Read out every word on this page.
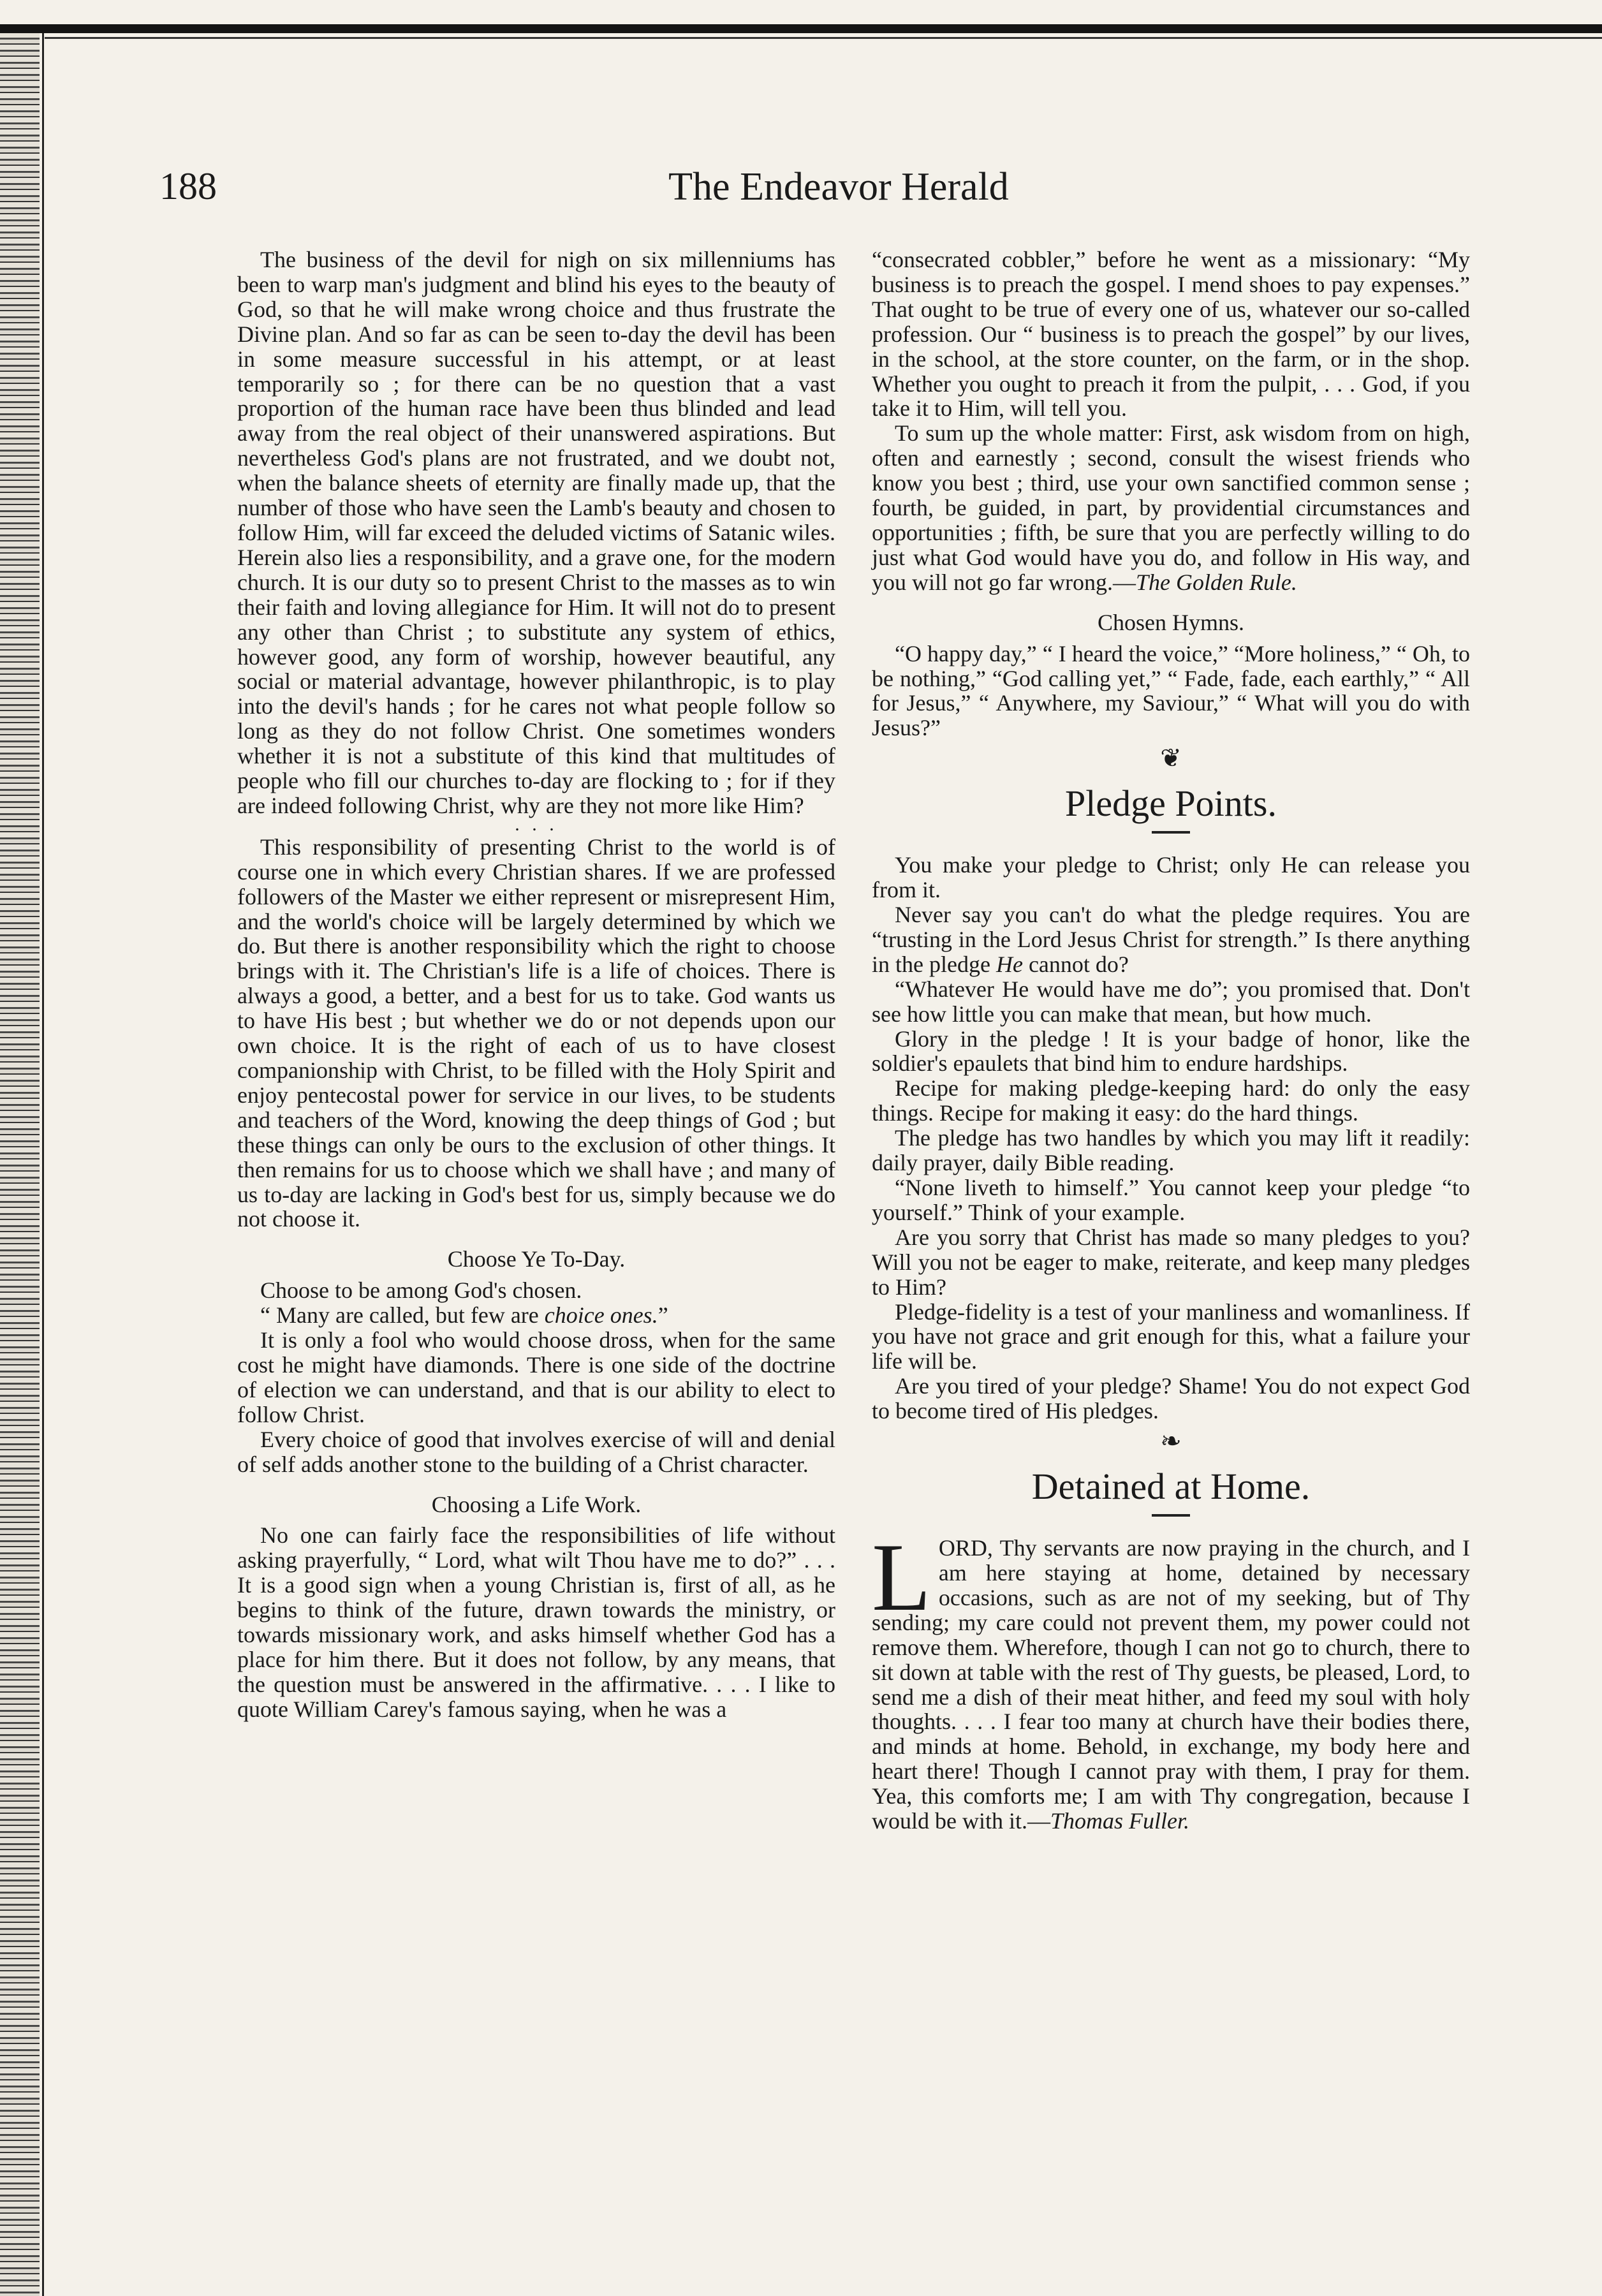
188	The Endeavor Herald

The business of the devil for nigh on six millenniums has been to warp man's judgment and blind his eyes to the beauty of God, so that he will make wrong choice and thus frustrate the Divine plan. And so far as can be seen to-day the devil has been in some measure successful in his attempt, or at least temporarily so ; for there can be no question that a vast proportion of the human race have been thus blinded and lead away from the real object of their unanswered aspirations. But nevertheless God's plans are not frustrated, and we doubt not, when the balance sheets of eternity are finally made up, that the number of those who have seen the Lamb's beauty and chosen to follow Him, will far exceed the deluded victims of Satanic wiles. Herein also lies a responsibility, and a grave one, for the modern church. It is our duty so to present Christ to the masses as to win their faith and loving allegiance for Him. It will not do to present any other than Christ ; to substitute any system of ethics, however good, any form of worship, however beautiful, any social or material advantage, however philanthropic, is to play into the devil's hands ; for he cares not what people follow so long as they do not follow Christ. One sometimes wonders whether it is not a substitute of this kind that multitudes of people who fill our churches to-day are flocking to ; for if they are indeed following Christ, why are they not more like Him?

. . .

This responsibility of presenting Christ to the world is of course one in which every Christian shares. If we are professed followers of the Master we either represent or misrepresent Him, and the world's choice will be largely determined by which we do. But there is another responsibility which the right to choose brings with it. The Christian's life is a life of choices. There is always a good, a better, and a best for us to take. God wants us to have His best ; but whether we do or not depends upon our own choice. It is the right of each of us to have closest companionship with Christ, to be filled with the Holy Spirit and enjoy pentecostal power for service in our lives, to be students and teachers of the Word, knowing the deep things of God ; but these things can only be ours to the exclusion of other things. It then remains for us to choose which we shall have ; and many of us to-day are lacking in God's best for us, simply because we do not choose it.

Choose Ye To-Day.

Choose to be among God's chosen.

“ Many are called, but few are choice ones.”

It is only a fool who would choose dross, when for the same cost he might have diamonds. There is one side of the doctrine of election we can understand, and that is our ability to elect to follow Christ.

Every choice of good that involves exercise of will and denial of self adds another stone to the building of a Christ character.

Choosing a Life Work.

No one can fairly face the responsibilities of life without asking prayerfully, “ Lord, what wilt Thou have me to do?” . . . It is a good sign when a young Christian is, first of all, as he begins to think of the future, drawn towards the ministry, or towards missionary work, and asks himself whether God has a place for him there. But it does not follow, by any means, that the question must be answered in the affirmative. . . . I like to quote William Carey's famous saying, when he was a

“consecrated cobbler,” before he went as a missionary: “My business is to preach the gospel. I mend shoes to pay expenses.” That ought to be true of every one of us, whatever our so-called profession. Our “ business is to preach the gospel” by our lives, in the school, at the store counter, on the farm, or in the shop. Whether you ought to preach it from the pulpit, . . . God, if you take it to Him, will tell you.

To sum up the whole matter: First, ask wisdom from on high, often and earnestly ; second, consult the wisest friends who know you best ; third, use your own sanctified common sense ; fourth, be guided, in part, by providential circumstances and opportunities ; fifth, be sure that you are perfectly willing to do just what God would have you do, and follow in His way, and you will not go far wrong.—The Golden Rule.

Chosen Hymns.

“O happy day,” “ I heard the voice,” “More holiness,” “ Oh, to be nothing,” “God calling yet,” “ Fade, fade, each earthly,” “ All for Jesus,” “ Anywhere, my Saviour,” “ What will you do with Jesus?”

❦
Pledge Points.

You make your pledge to Christ; only He can release you from it.

Never say you can't do what the pledge requires. You are “trusting in the Lord Jesus Christ for strength.” Is there anything in the pledge He cannot do?

“Whatever He would have me do”; you promised that. Don't see how little you can make that mean, but how much.

Glory in the pledge ! It is your badge of honor, like the soldier's epaulets that bind him to endure hardships.

Recipe for making pledge-keeping hard: do only the easy things. Recipe for making it easy: do the hard things.

The pledge has two handles by which you may lift it readily: daily prayer, daily Bible reading.

“None liveth to himself.” You cannot keep your pledge “to yourself.” Think of your example.

Are you sorry that Christ has made so many pledges to you? Will you not be eager to make, reiterate, and keep many pledges to Him?

Pledge-fidelity is a test of your manliness and womanliness. If you have not grace and grit enough for this, what a failure your life will be.

Are you tired of your pledge? Shame! You do not expect God to become tired of His pledges.

❧
Detained at Home.

LORD, Thy servants are now praying in the church, and I am here staying at home, detained by necessary occasions, such as are not of my seeking, but of Thy sending; my care could not prevent them, my power could not remove them. Wherefore, though I can not go to church, there to sit down at table with the rest of Thy guests, be pleased, Lord, to send me a dish of their meat hither, and feed my soul with holy thoughts. . . . I fear too many at church have their bodies there, and minds at home. Behold, in exchange, my body here and heart there! Though I cannot pray with them, I pray for them. Yea, this comforts me; I am with Thy congregation, because I would be with it.—Thomas Fuller.
